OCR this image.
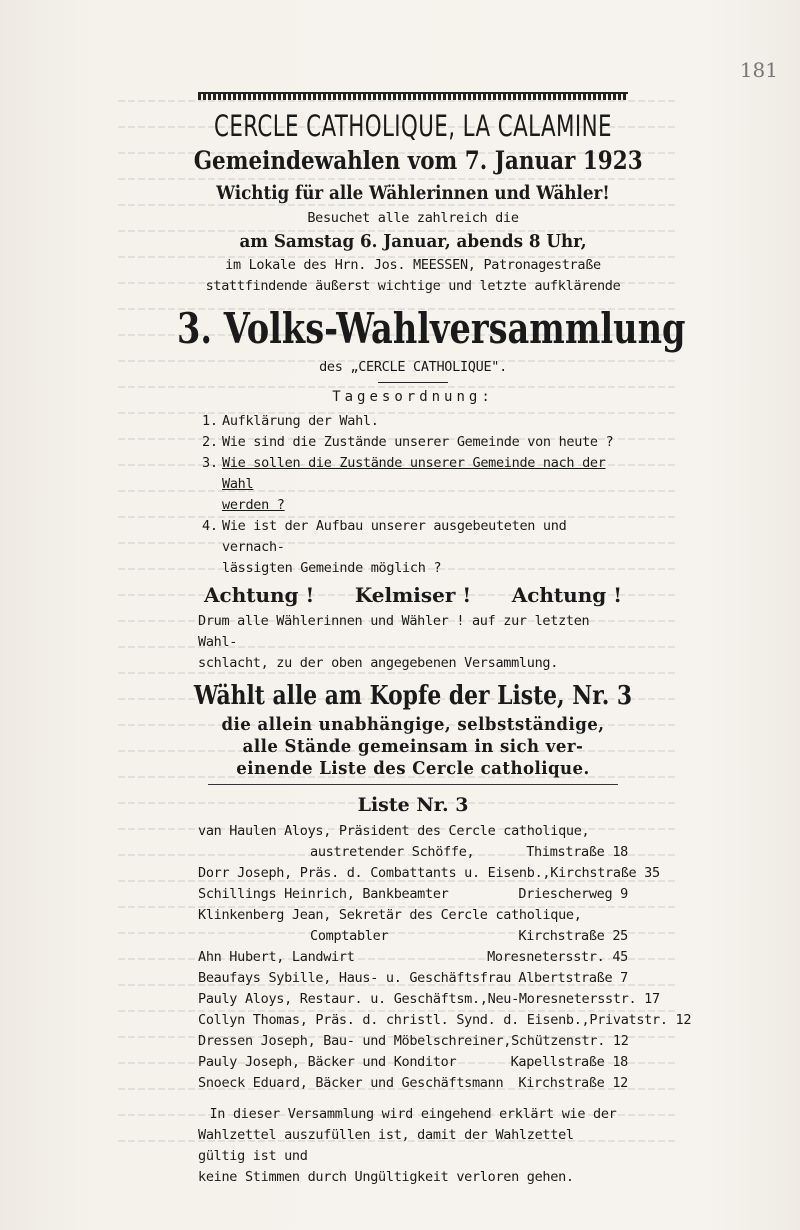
181
CERCLE CATHOLIQUE, LA CALAMINE
Gemeindewahlen vom 7. Januar 1923
Wichtig für alle Wählerinnen und Wähler!
Besuchet alle zahlreich die
am Samstag 6. Januar, abends 8 Uhr,
im Lokale des Hrn. Jos. MEESSEN, Patronagestraße
stattfindende äußerst wichtige und letzte aufklärende
3. Volks-Wahlversammlung
des „CERCLE CATHOLIQUE".
Tagesordnung:
1. Aufklärung der Wahl.
2. Wie sind die Zustände unserer Gemeinde von heute ?
3. Wie sollen die Zustände unserer Gemeinde nach der Wahl
werden ?
4. Wie ist der Aufbau unserer ausgebeuteten und vernach-
lässigten Gemeinde möglich ?
Achtung ! Kelmiser ! Achtung !
Drum alle Wählerinnen und Wähler ! auf zur letzten Wahl-
schlacht, zu der oben angegebenen Versammlung.
Wählt alle am Kopfe der Liste, Nr. 3
die allein unabhängige, selbstständige,
alle Stände gemeinsam in sich ver-
einende Liste des Cercle catholique.
Liste Nr. 3
van Haulen Aloys, Präsident des Cercle catholique,
austretender Schöffe,	Thimstraße 18
Dorr Joseph, Präs. d. Combattants u. Eisenb., Kirchstraße 35
Schillings Heinrich, Bankbeamter	Driescherweg 9
Klinkenberg Jean, Sekretär des Cercle catholique,
Comptabler	Kirchstraße 25
Ahn Hubert, Landwirt	Moresnetersstr. 45
Beaufays Sybille, Haus- u. Geschäftsfrau Albertstraße 7
Pauly Aloys, Restaur. u. Geschäftsm., Neu-Moresnetersstr. 17
Collyn Thomas, Präs. d. christl. Synd. d. Eisenb., Privatstr. 12
Dressen Joseph, Bau- und Möbelschreiner, Schützenstr. 12
Pauly Joseph, Bäcker und Konditor	Kapellstraße 18
Snoeck Eduard, Bäcker und Geschäftsmann	Kirchstraße 12
In dieser Versammlung wird eingehend erklärt wie der
Wahlzettel auszufüllen ist, damit der Wahlzettel gültig ist und
keine Stimmen durch Ungültigkeit verloren gehen.
